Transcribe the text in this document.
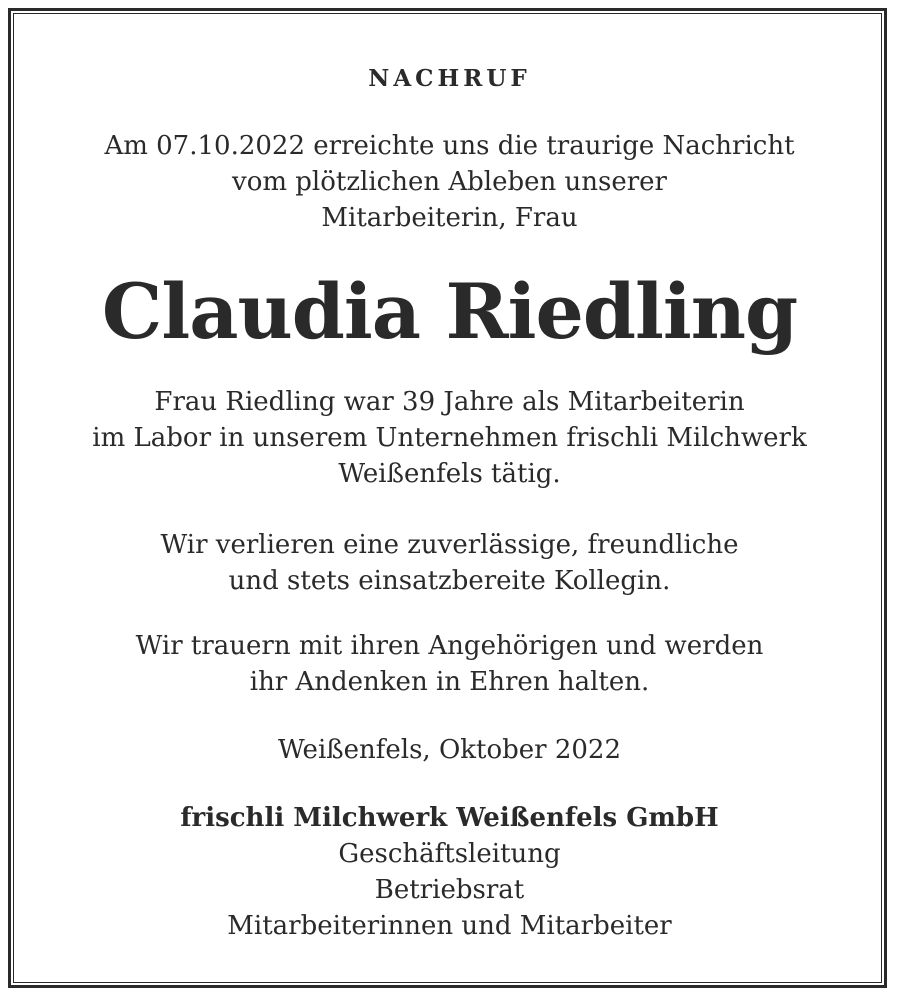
NACHRUF
Am 07.10.2022 erreichte uns die traurige Nachricht
vom plötzlichen Ableben unserer
Mitarbeiterin, Frau
Claudia Riedling
Frau Riedling war 39 Jahre als Mitarbeiterin
im Labor in unserem Unternehmen frischli Milchwerk
Weißenfels tätig.
Wir verlieren eine zuverlässige, freundliche
und stets einsatzbereite Kollegin.
Wir trauern mit ihren Angehörigen und werden
ihr Andenken in Ehren halten.
Weißenfels, Oktober 2022
frischli Milchwerk Weißenfels GmbH
Geschäftsleitung
Betriebsrat
Mitarbeiterinnen und Mitarbeiter
